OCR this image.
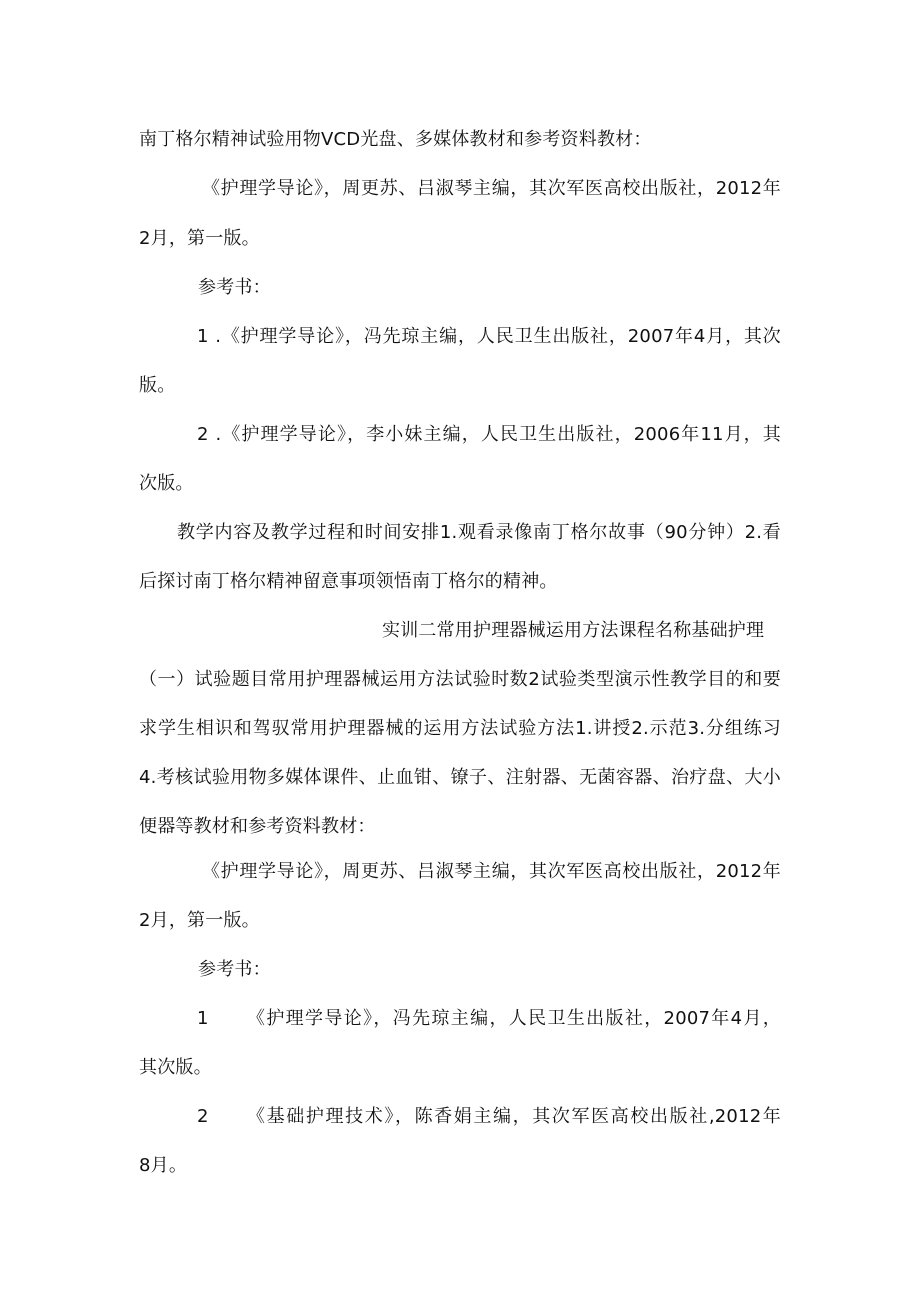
南丁格尔精神试验用物VCD光盘、多媒体教材和参考资料教材：
《护理学导论》，周更苏、吕淑琴主编，其次军医高校出版社，2012年
2月，第一版。
参考书：
1 .《护理学导论》，冯先琼主编，人民卫生出版社，2007年4月，其次
版。
2 .《护理学导论》，李小妹主编，人民卫生出版社，2006年11月，其
次版。
教学内容及教学过程和时间安排1.观看录像南丁格尔故事（90分钟）2.看
后探讨南丁格尔精神留意事项领悟南丁格尔的精神。
实训二常用护理器械运用方法课程名称基础护理
（一）试验题目常用护理器械运用方法试验时数2试验类型演示性教学目的和要
求学生相识和驾驭常用护理器械的运用方法试验方法1.讲授2.示范3.分组练习
4.考核试验用物多媒体课件、止血钳、镣子、注射器、无菌容器、治疗盘、大小
便器等教材和参考资料教材：
《护理学导论》，周更苏、吕淑琴主编，其次军医高校出版社，2012年
2月，第一版。
参考书：
1	《护理学导论》，冯先琼主编，人民卫生出版社，2007年4月，
其次版。
2	《基础护理技术》，陈香娟主编，其次军医高校出版社,2012年
8月。
